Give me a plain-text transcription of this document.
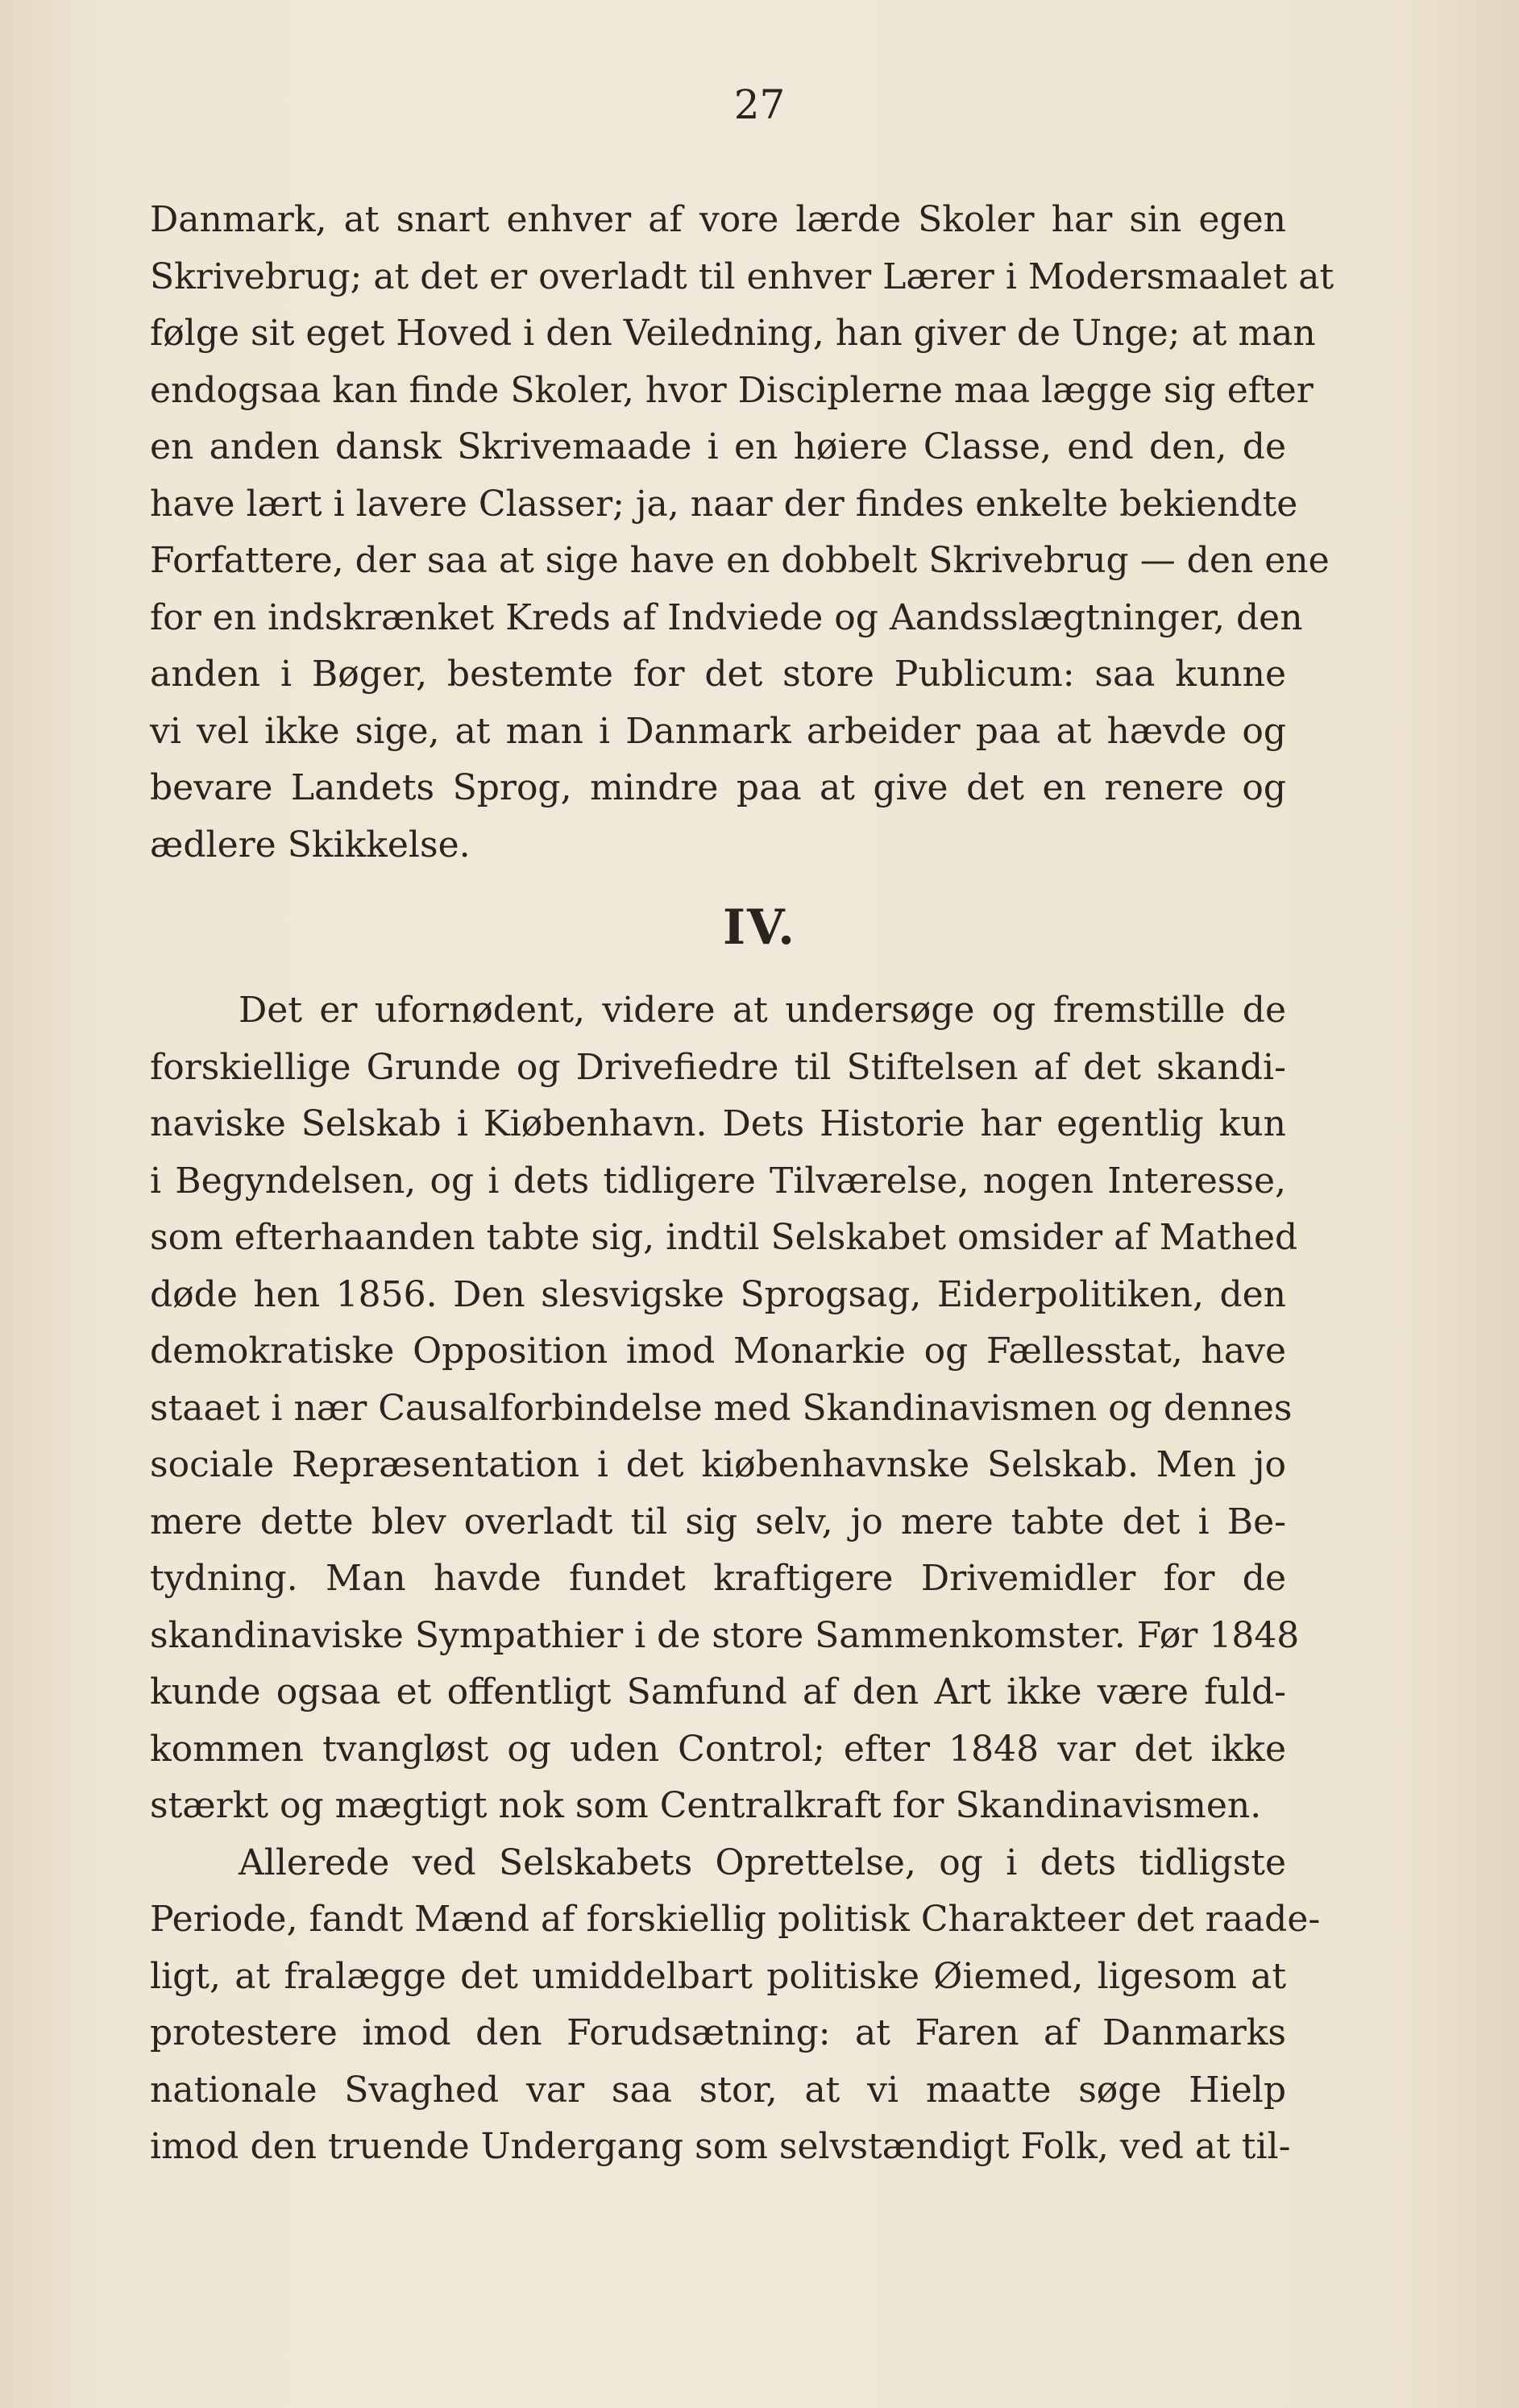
27
Danmark, at snart enhver af vore lærde Skoler har sin egen
Skrivebrug; at det er overladt til enhver Lærer i Modersmaalet at
følge sit eget Hoved i den Veiledning, han giver de Unge; at man
endogsaa kan finde Skoler, hvor Disciplerne maa lægge sig efter
en anden dansk Skrivemaade i en høiere Classe, end den, de
have lært i lavere Classer; ja, naar der findes enkelte bekiendte
Forfattere, der saa at sige have en dobbelt Skrivebrug — den ene
for en indskrænket Kreds af Indviede og Aandsslægtninger, den
anden i Bøger, bestemte for det store Publicum: saa kunne
vi vel ikke sige, at man i Danmark arbeider paa at hævde og
bevare Landets Sprog, mindre paa at give det en renere og
ædlere Skikkelse.
IV.
Det er ufornødent, videre at undersøge og fremstille de
forskiellige Grunde og Drivefiedre til Stiftelsen af det skandi-
naviske Selskab i Kiøbenhavn. Dets Historie har egentlig kun
i Begyndelsen, og i dets tidligere Tilværelse, nogen Interesse,
som efterhaanden tabte sig, indtil Selskabet omsider af Mathed
døde hen 1856. Den slesvigske Sprogsag, Eiderpolitiken, den
demokratiske Opposition imod Monarkie og Fællesstat, have
staaet i nær Causalforbindelse med Skandinavismen og dennes
sociale Repræsentation i det kiøbenhavnske Selskab. Men jo
mere dette blev overladt til sig selv, jo mere tabte det i Be-
tydning. Man havde fundet kraftigere Drivemidler for de
skandinaviske Sympathier i de store Sammenkomster. Før 1848
kunde ogsaa et offentligt Samfund af den Art ikke være fuld-
kommen tvangløst og uden Control; efter 1848 var det ikke
stærkt og mægtigt nok som Centralkraft for Skandinavismen.
Allerede ved Selskabets Oprettelse, og i dets tidligste
Periode, fandt Mænd af forskiellig politisk Charakteer det raade-
ligt, at fralægge det umiddelbart politiske Øiemed, ligesom at
protestere imod den Forudsætning: at Faren af Danmarks
nationale Svaghed var saa stor, at vi maatte søge Hielp
imod den truende Undergang som selvstændigt Folk, ved at til-
